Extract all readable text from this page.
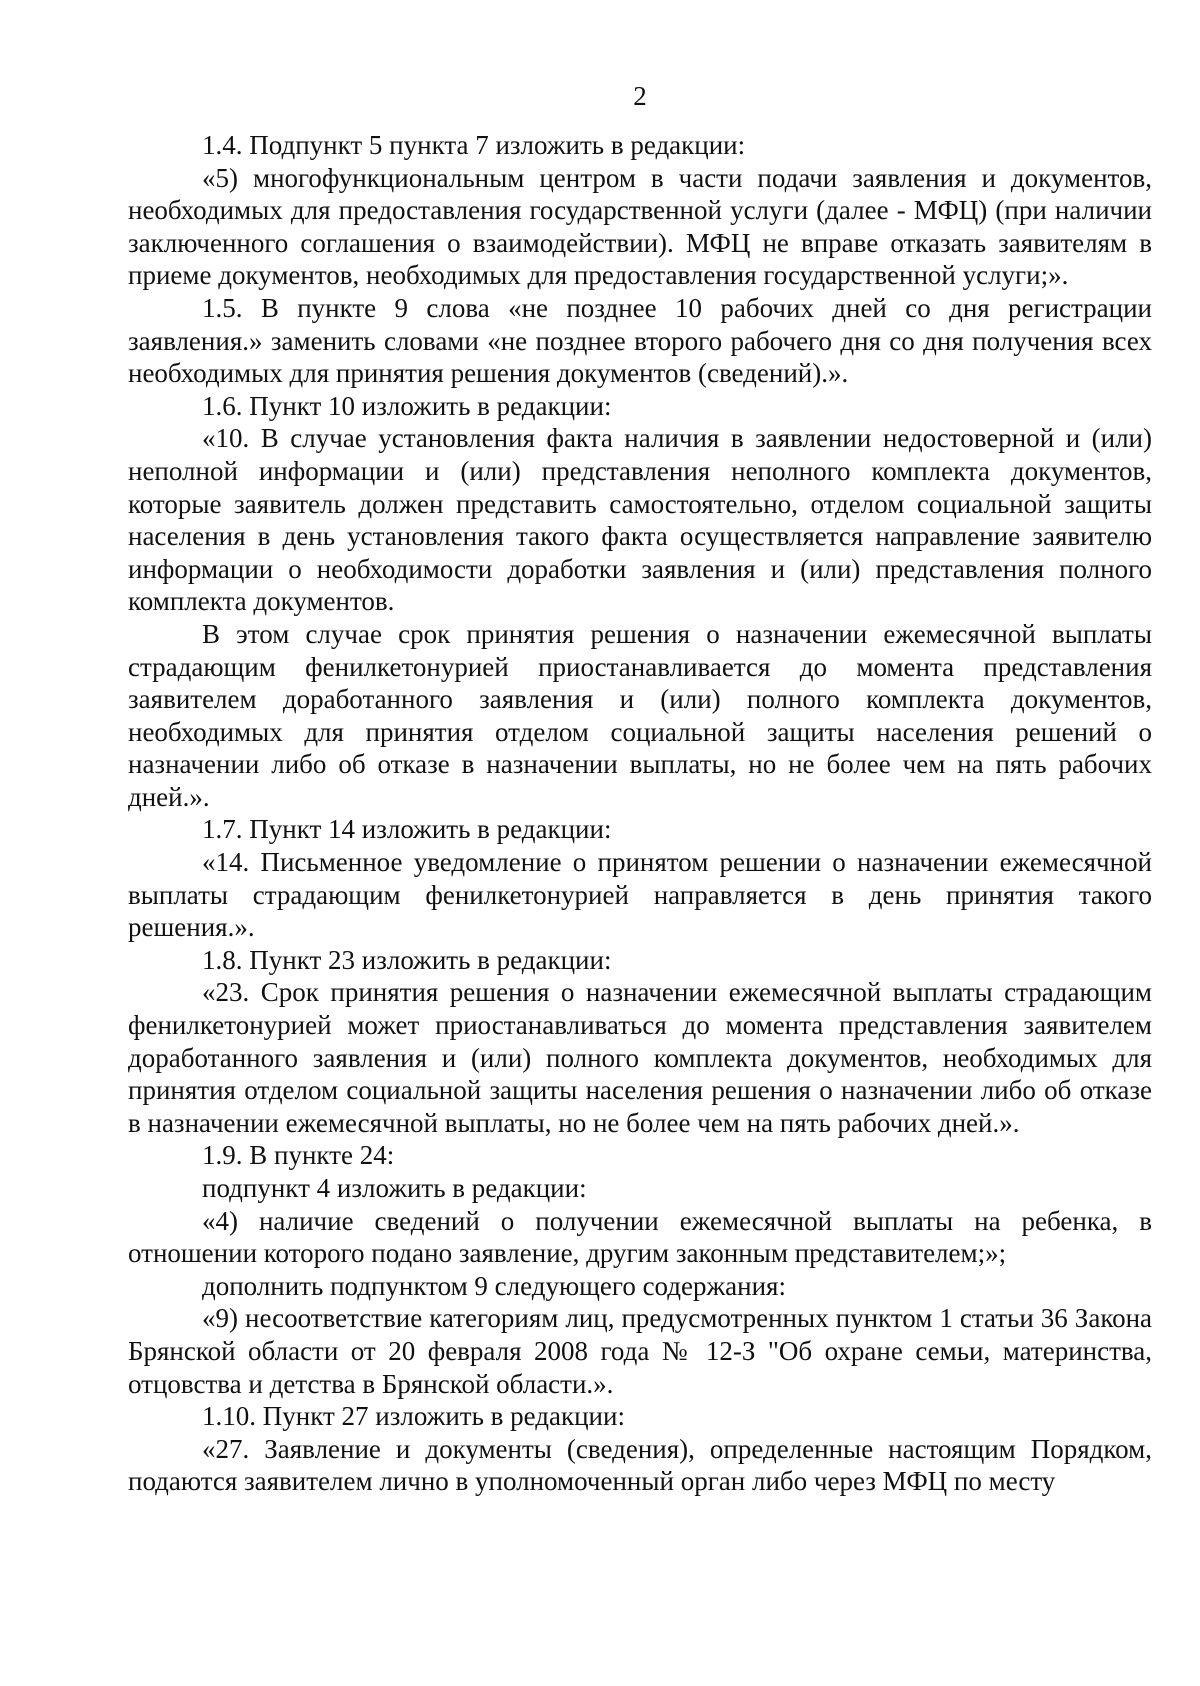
2

1.4. Подпункт 5 пункта 7 изложить в редакции:

«5) многофункциональным центром в части подачи заявления и документов, необходимых для предоставления государственной услуги (далее - МФЦ) (при наличии заключенного соглашения о взаимодействии). МФЦ не вправе отказать заявителям в приеме документов, необходимых для предоставления государственной услуги;».

1.5. В пункте 9 слова «не позднее 10 рабочих дней со дня регистрации заявления.» заменить словами «не позднее второго рабочего дня со дня получения всех необходимых для принятия решения документов (сведений).».

1.6. Пункт 10 изложить в редакции:

«10. В случае установления факта наличия в заявлении недостоверной и (или) неполной информации и (или) представления неполного комплекта документов, которые заявитель должен представить самостоятельно, отделом социальной защиты населения в день установления такого факта осуществляется направление заявителю информации о необходимости доработки заявления и (или) представления полного комплекта документов.

В этом случае срок принятия решения о назначении ежемесячной выплаты страдающим фенилкетонурией приостанавливается до момента представления заявителем доработанного заявления и (или) полного комплекта документов, необходимых для принятия отделом социальной защиты населения решений о назначении либо об отказе в назначении выплаты, но не более чем на пять рабочих дней.».

1.7. Пункт 14 изложить в редакции:

«14. Письменное уведомление о принятом решении о назначении ежемесячной выплаты страдающим фенилкетонурией направляется в день принятия такого решения.».

1.8. Пункт 23 изложить в редакции:

«23. Срок принятия решения о назначении ежемесячной выплаты страдающим фенилкетонурией может приостанавливаться до момента представления заявителем доработанного заявления и (или) полного комплекта документов, необходимых для принятия отделом социальной защиты населения решения о назначении либо об отказе в назначении ежемесячной выплаты, но не более чем на пять рабочих дней.».

1.9. В пункте 24:

подпункт 4 изложить в редакции:

«4) наличие сведений о получении ежемесячной выплаты на ребенка, в отношении которого подано заявление, другим законным представителем;»;

дополнить подпунктом 9 следующего содержания:

«9) несоответствие категориям лиц, предусмотренных пунктом 1 статьи 36 Закона Брянской области от 20 февраля 2008 года № 12-З "Об охране семьи, материнства, отцовства и детства в Брянской области.».

1.10. Пункт 27 изложить в редакции:

«27. Заявление и документы (сведения), определенные настоящим Порядком, подаются заявителем лично в уполномоченный орган либо через МФЦ по месту
